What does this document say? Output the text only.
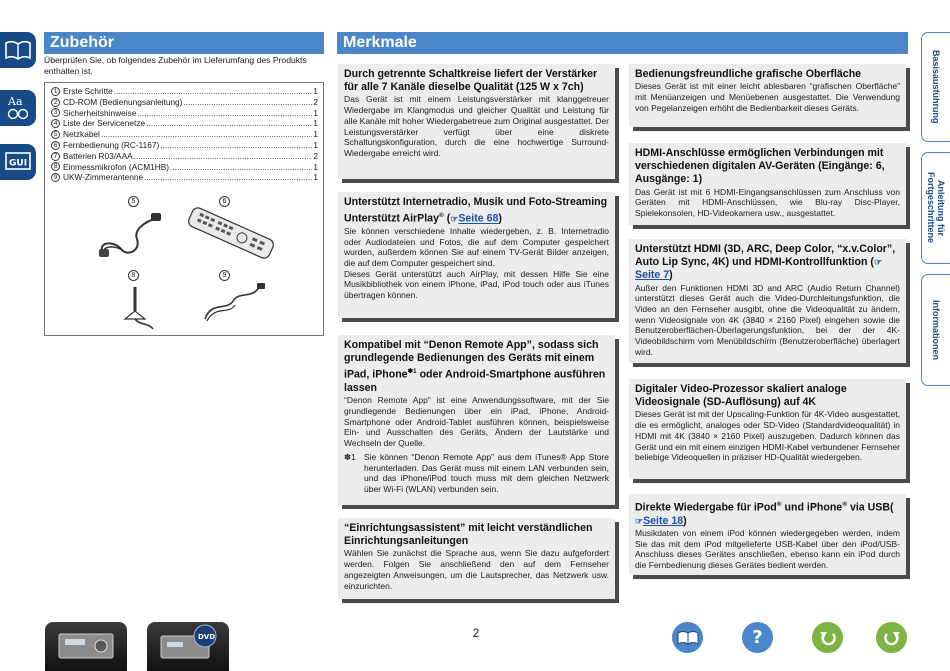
Aa
GUI
Zubehör

Überprüfen Sie, ob folgendes Zubehör im Lieferumfang des Produkts enthalten ist.

1 Erste Schritte .....	1
2 CD-ROM (Bedienungsanleitung) .....	2
3 Sicherheitshinweise .....	1
4 Liste der Servicenetze .....	1
5 Netzkabel .....	1
6 Fernbedienung (RC-1167) .....	1
7 Batterien R03/AAA .....	2
8 Einmessmikrofon (ACM1HB) .....	1
9 UKW-Zimmerantenne .....	1
5	6
8	9
Merkmale
Durch getrennte Schaltkreise liefert der Verstärker für alle 7 Kanäle dieselbe Qualität (125 W x 7ch)

Das Gerät ist mit einem Leistungsverstärker mit klanggetreuer Wiedergabe im Klangmodus und gleicher Qualität und Leistung für alle Kanäle mit hoher Wiedergabetreue zum Original ausgestattet. Der Leistungsverstärker verfügt über eine diskrete Schaltungskonfiguration, durch die eine hochwertige Surround-Wiedergabe erreicht wird.

Unterstützt Internetradio, Musik und Foto-Streaming
Unterstützt AirPlay® (☞Seite 68)

Sie können verschiedene Inhalte wiedergeben, z. B. Internetradio oder Audiodateien und Fotos, die auf dem Computer gespeichert wurden, außerdem können Sie auf einem TV-Gerät Bilder anzeigen, die auf dem Computer gespeichert sind.

Dieses Gerät unterstützt auch AirPlay, mit dessen Hilfe Sie eine Musikbibliothek von einem iPhone, iPad, iPod touch oder aus iTunes übertragen können.

Kompatibel mit “Denon Remote App”, sodass sich grundlegende Bedienungen des Geräts mit einem iPad, iPhone$^{✽1}$ oder Android-Smartphone ausführen lassen

“Denon Remote App” ist eine Anwendungssoftware, mit der Sie grundlegende Bedienungen über ein iPad, iPhone, Android-Smartphone oder Android-Tablet ausführen können, beispielsweise Ein- und Ausschalten des Geräts, Ändern der Lautstärke und Wechseln der Quelle.

✽1 Sie können “Denon Remote App” aus dem iTunes® App Store herunterladen. Das Gerät muss mit einem LAN verbunden sein, und das iPhone/iPod touch muss mit dem gleichen Netzwerk über Wi-Fi (WLAN) verbunden sein.
“Einrichtungsassistent” mit leicht verständlichen Einrichtungsanleitungen

Wählen Sie zunächst die Sprache aus, wenn Sie dazu aufgefordert werden. Folgen Sie anschließend den auf dem Fernseher angezeigten Anweisungen, um die Lautsprecher, das Netzwerk usw. einzurichten.

Bedienungsfreundliche grafische Oberfläche

Dieses Gerät ist mit einer leicht ablesbaren “grafischen Oberfläche” mit Menüanzeigen und Menüebenen ausgestattet. Die Verwendung von Pegelanzeigen erhöht die Bedienbarkeit dieses Geräts.

HDMI-Anschlüsse ermöglichen Verbindungen mit verschiedenen digitalen AV-Geräten (Eingänge: 6, Ausgänge: 1)

Das Gerät ist mit 6 HDMI-Eingangsanschlüssen zum Anschluss von Geräten mit HDMI-Anschlüssen, wie Blu-ray Disc-Player, Spielekonsolen, HD-Videokamera usw., ausgestattet.

Unterstützt HDMI (3D, ARC, Deep Color, “x.v.Color”, Auto Lip Sync, 4K) und HDMI-Kontrollfunktion (☞Seite 7)

Außer den Funktionen HDMI 3D and ARC (Audio Return Channel) unterstützt dieses Gerät auch die Video-Durchleitungsfunktion, die Video an den Fernseher ausgibt, ohne die Videoqualität zu ändern, wenn Videosignale von 4K (3840 × 2160 Pixel) eingehen sowie die Benutzeroberflächen-Überlagerungsfunktion, bei der der 4K-Videobildschirm vom Menübildschirm (Benutzeroberfläche) überlagert wird.

Digitaler Video-Prozessor skaliert analoge Videosignale (SD-Auflösung) auf 4K

Dieses Gerät ist mit der Upscaling-Funktion für 4K-Video ausgestattet, die es ermöglicht, analoges oder SD-Video (Standardvideoqualität) in HDMI mit 4K (3840 × 2160 Pixel) auszugeben. Dadurch können das Gerät und ein mit einem einzigen HDMI-Kabel verbundener Fernseher beliebige Videoquellen in präziser HD-Qualität wiedergeben.

Direkte Wiedergabe für iPod® und iPhone® via USB(☞Seite 18)

Musikdaten von einem iPod können wiedergegeben werden, indem Sie das mit dem iPod mitgelieferte USB-Kabel über den iPod/USB-Anschluss dieses Gerätes anschließen, ebenso kann ein iPod durch die Fernbedienung dieses Gerätes bedient werden.

Basisausführung
Anleitung für
Fortgeschrittene
Informationen
DVD	2	?
